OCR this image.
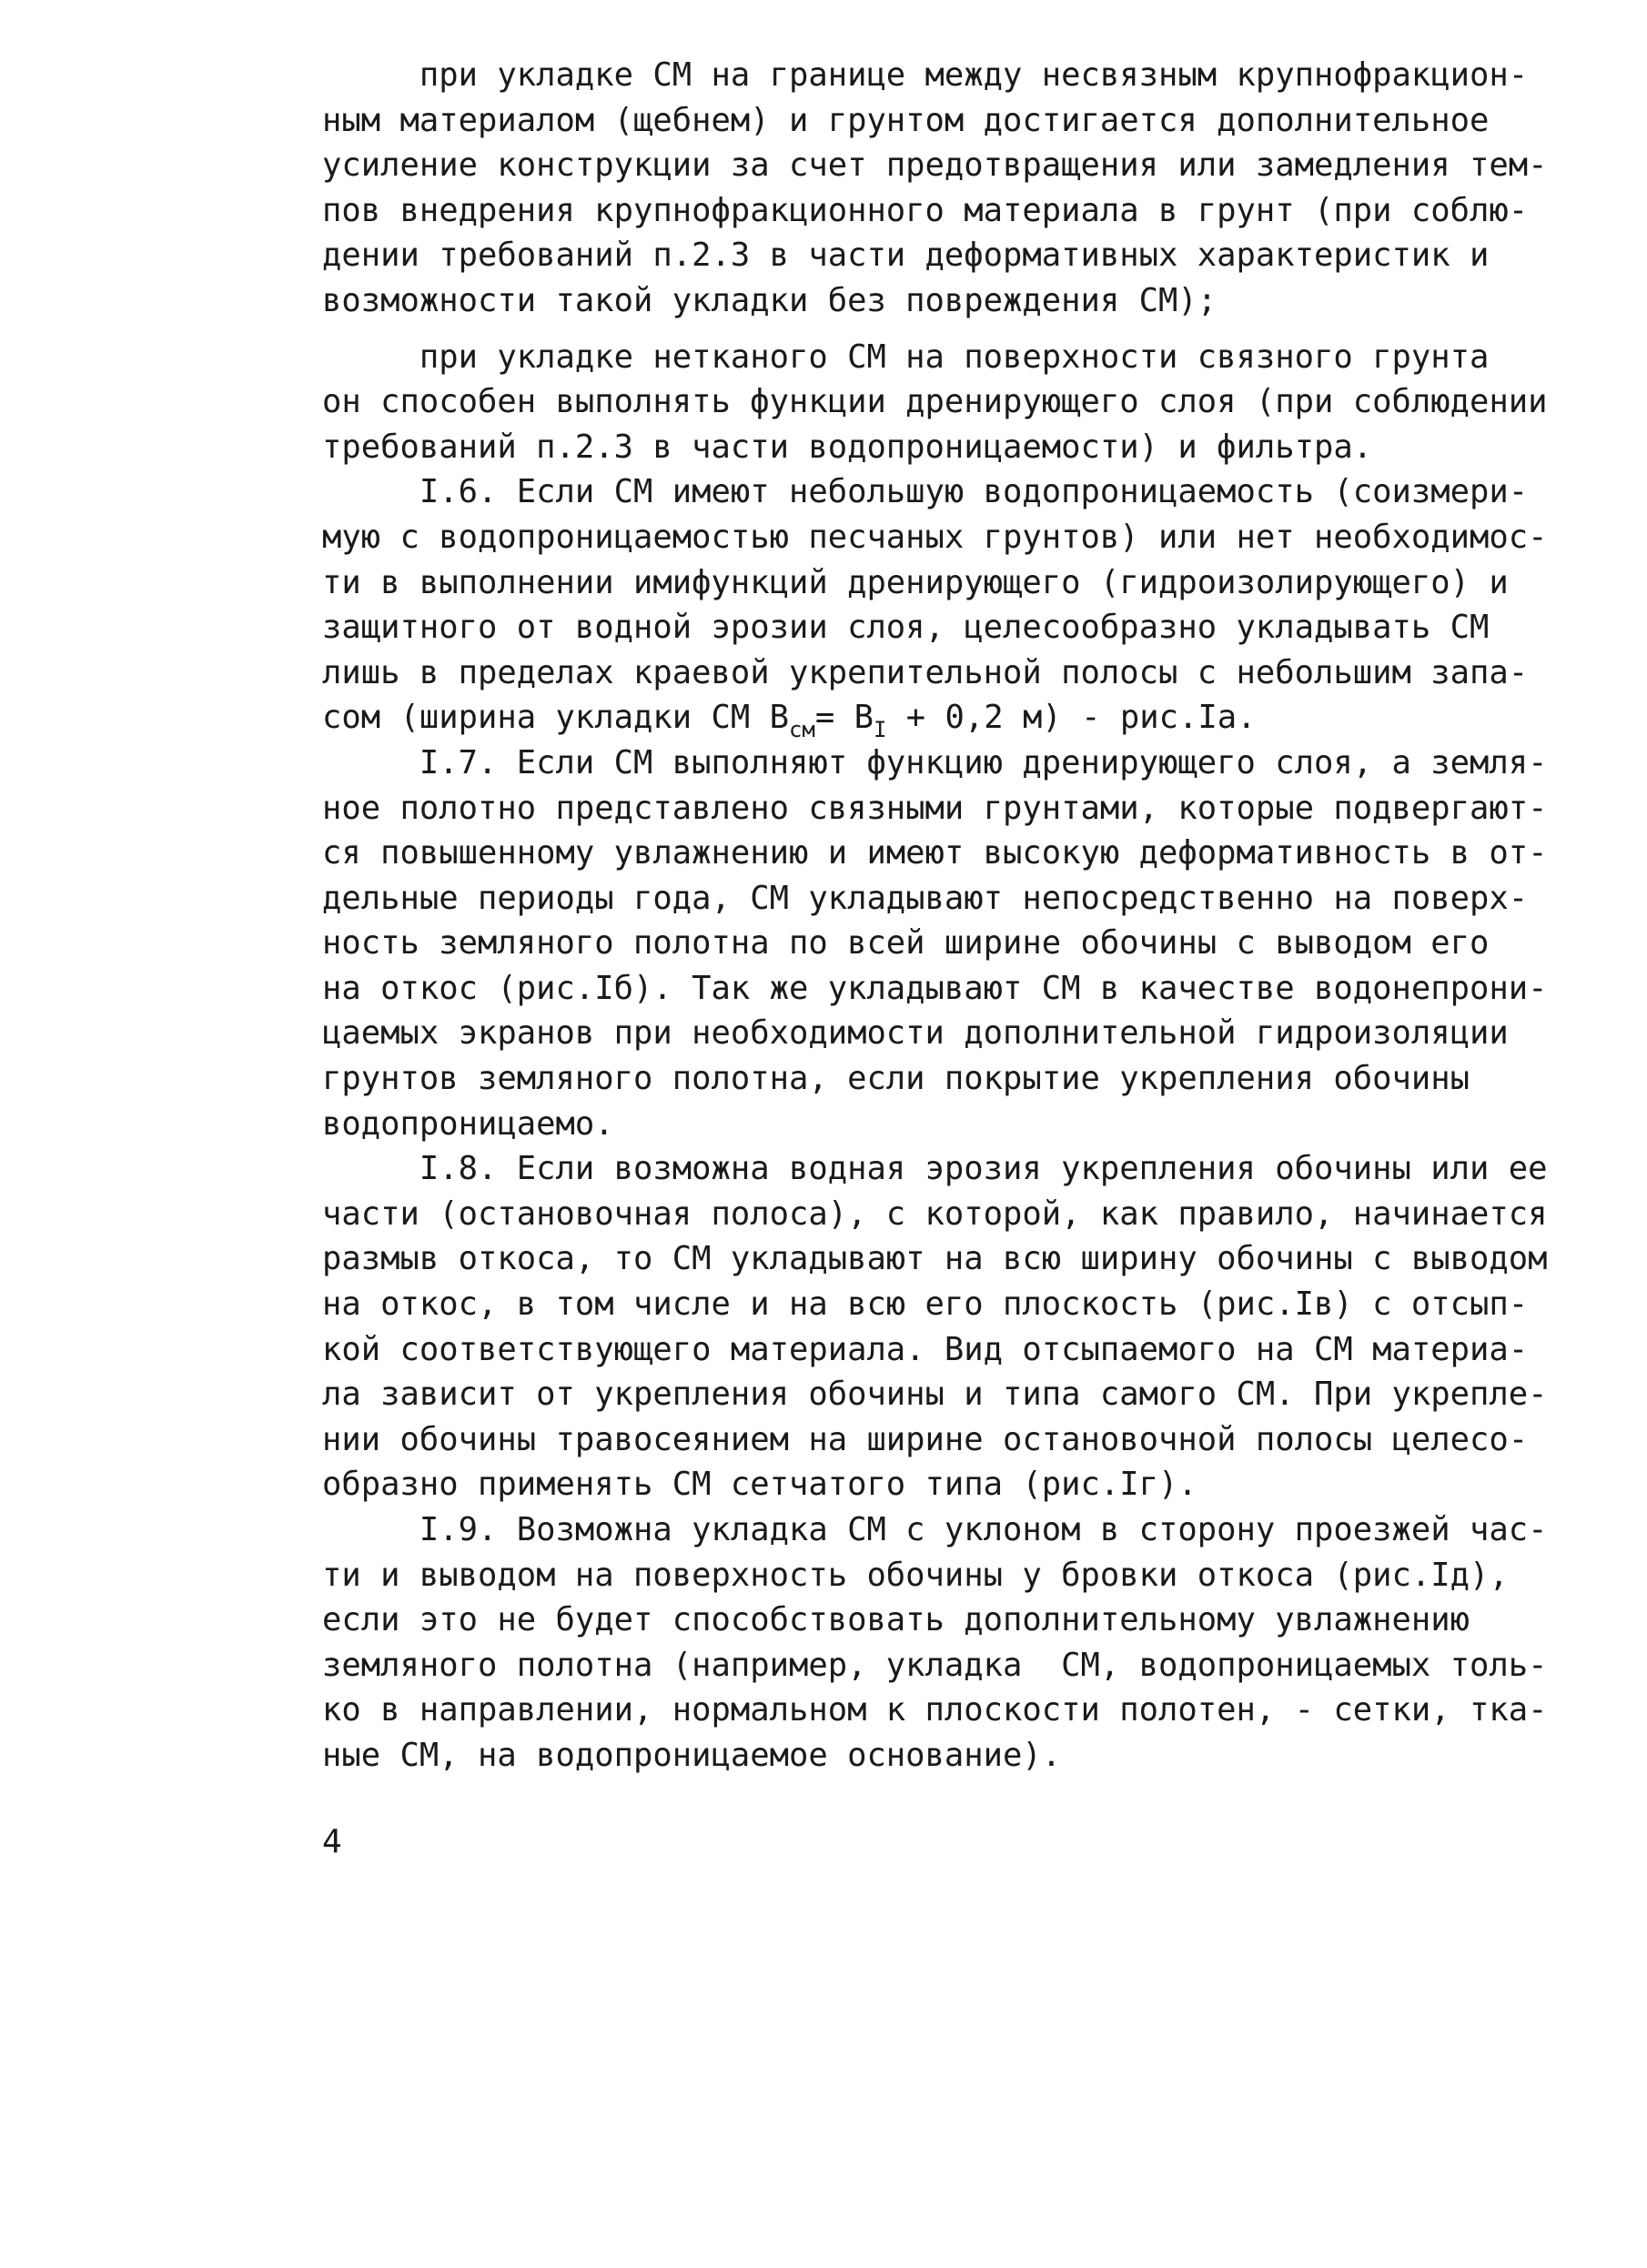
при укладке СМ на границе между несвязным крупнофракцион-
ным материалом (щебнем) и грунтом достигается дополнительное
усиление конструкции за счет предотвращения или замедления тем-
пов внедрения крупнофракционного материала в грунт (при соблю-
дении требований п.2.3 в части деформативных характеристик и
возможности такой укладки без повреждения СМ);
при укладке нетканого СМ на поверхности связного грунта
он способен выполнять функции дренирующего слоя (при соблюдении
требований п.2.3 в части водопроницаемости) и фильтра.
I.6. Если СМ имеют небольшую водопроницаемость (соизмери-
мую с водопроницаемостью песчаных грунтов) или нет необходимос-
ти в выполнении имифункций дренирующего (гидроизолирующего) и
защитного от водной эрозии слоя, целесообразно укладывать СМ
лишь в пределах краевой укрепительной полосы с небольшим запа-
сом (ширина укладки СМ $В_{см}= В_I + 0,2$ м) - рис.Iа.
I.7. Если СМ выполняют функцию дренирующего слоя, а земля-
ное полотно представлено связными грунтами, которые подвергают-
ся повышенному увлажнению и имеют высокую деформативность в от-
дельные периоды года, СМ укладывают непосредственно на поверх-
ность земляного полотна по всей ширине обочины с выводом его
на откос (рис.Iб). Так же укладывают СМ в качестве водонепрони-
цаемых экранов при необходимости дополнительной гидроизоляции
грунтов земляного полотна, если покрытие укрепления обочины
водопроницаемо.
I.8. Если возможна водная эрозия укрепления обочины или ее
части (остановочная полоса), с которой, как правило, начинается
размыв откоса, то СМ укладывают на всю ширину обочины с выводом
на откос, в том числе и на всю его плоскость (рис.Iв) с отсып-
кой соответствующего материала. Вид отсыпаемого на СМ материа-
ла зависит от укрепления обочины и типа самого СМ. При укрепле-
нии обочины травосеянием на ширине остановочной полосы целесо-
образно применять СМ сетчатого типа (рис.Iг).
I.9. Возможна укладка СМ с уклоном в сторону проезжей час-
ти и выводом на поверхность обочины у бровки откоса (рис.Iд),
если это не будет способствовать дополнительному увлажнению
земляного полотна (например, укладка  СМ, водопроницаемых толь-
ко в направлении, нормальном к плоскости полотен, - сетки, тка-
ные СМ, на водопроницаемое основание).
4
